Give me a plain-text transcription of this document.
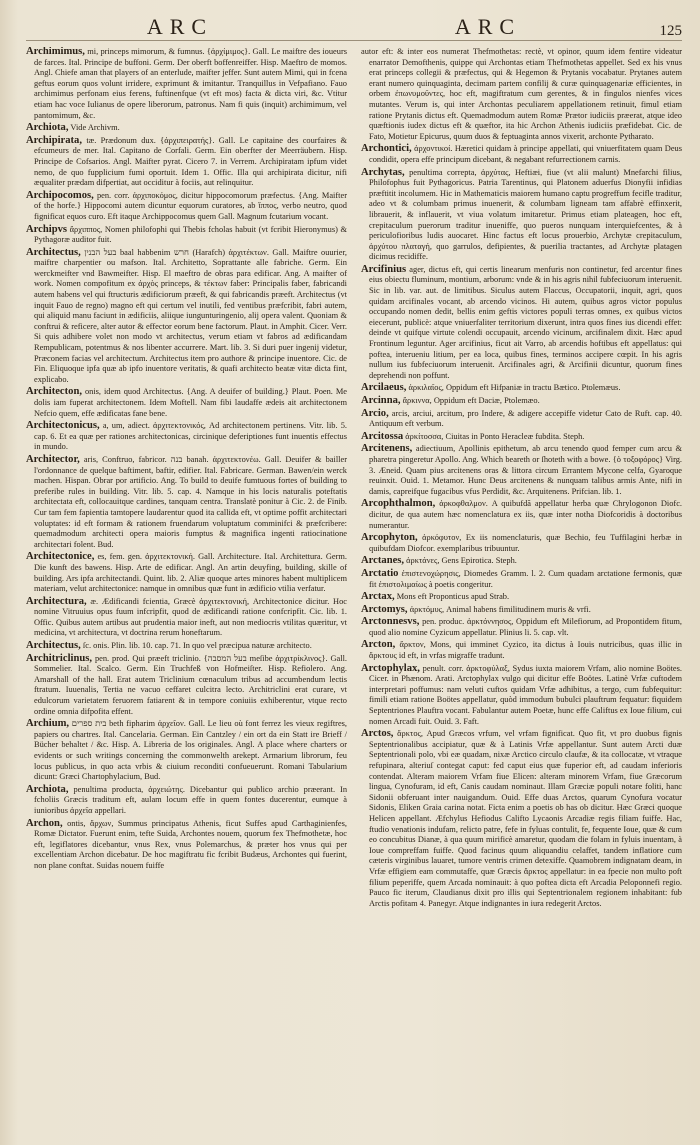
ARC	ARC	125

Archimimus, mi, princeps mimorum, & fumnus. {ἀρχίμιμος}. Gall. Le maiftre des ioueurs de farces. Ital. Principe de buffoni. Germ. Der oberft boffenreiffer. Hisp. Maeftro de momos. Angl. Chiefe aman that players of an enterlude, maifter jeffer. Sunt autem Mimi, qui in fcena geftus eorum quos volunt irridere, exprimunt & imitantur. Tranquillus in Vefpafiano. Fauo archimimus perfonam eius ferens, fuftinenfque (vt eft mos) facta & dicta viri, &c. Vtitur etiam hac voce Iulianus de opere liberorum, patronus. Nam fi quis (inquit) archimimum, vel pantomimum, &c.

Archiota, Vide Archivm.

Archipirata, tæ. Prædonum dux. {ἀρχιπειρατής}. Gall. Le capitaine des courfaires & efcumeurs de mer. Ital. Capitano de Corfali. Germ. Ein oberfter der Meerräubern. Hisp. Principe de Cofsarios. Angl. Maifter pyrat. Cicero 7. in Verrem. Archipiratam ipfum videt nemo, de quo fupplicium fumi oportuit. Idem 1. Offic. Illa qui archipirata dicitur, nifi æqualiter prædam difpertiat, aut occiditur à fociis, aut relinquitur.

Archipocomos, pen. corr. ἀρχιποκόμος, dicitur hippocomorum præfectus. {Ang. Maifter of the horfe.} Hippocomi autem dicuntur equorum curatores, ab ἵππος, verbo neutro, quod fignificat equos curo. Eft itaque Archippocomus quem Gall. Magnum fcutarium vocant.

Archipvs ἄρχιππος, Nomen philofophi qui Thebis fcholas habuit (vt fcribit Hieronymus) & Pythagoræ auditor fuit.

Architectus, בעל הבנין baal habbenim חרש (Harafch) ἀρχιτέκτων. Gall. Maiftre ouurier, maiftre charpentier ou mafson. Ital. Architetto, Soprattante alle fabriche. Germ. Ein werckmeifter vnd Bawmeifter. Hisp. El maeftro de obras para edificar. Ang. A maifter of work. Nomen compofitum ex ἀρχὸς princeps, & τέκτων faber: Principalis faber, fabricandi autem habens vel qui ftructuris ædificiorum præeft, & qui fabricandis præeft. Architectus (vt inquit Fauo de regno) magno eft qui certum vel inutili, fed ventibus præfcribit, fabri autem, qui aliquid manu faciunt in ædificiis, aliique iungunturingenio, alij opera valent. Quoniam & conftrui & reficere, alter autor & effector eorum bene factorum. Plaut. in Amphit. Cicer. Verr. Si quis adhibere volet non modo vt architectus, verum etiam vt fabros ad ædificandam Rempublicam, potentmus & nos libenter accurrere. Mart. lib. 3. Si duri puer ingenij videtur, Præconem facias vel architectum. Architectus item pro authore & principe inuentore. Cic. de Fin. Eliquoque ipfa quæ ab ipfo inuentore veritatis, & quafi architecto beatæ vitæ dicta fint, explicabo.

Architecton, onis, idem quod Architectus. {Ang. A deuifer of building.} Plaut. Poen. Me dolis iam fuperat architectonem. Idem Moftell. Nam fibi laudaffe ædeis ait architectonem Nefcio quem, effe ædificatas fane bene.

Architectonicus, a, um, adiect. ἀρχιτεκτονικός, Ad architectonem pertinens. Vitr. lib. 5. cap. 6. Et ea quæ per rationes architectonicas, circinique deferiptiones funt inuentis effectus in mundo.

Architector, aris, Conftruo, fabricor. בנה banah. ἀρχιτεκτονέω. Gall. Deuifer & bailler l'ordonnance de quelque baftiment, baftir, edifier. Ital. Fabricare. German. Bawen/ein werck machen. Hispan. Obrar por artificio. Ang. To build to deuife fumtuous fortes of building to preferibe rules in building. Vitr. lib. 5. cap. 4. Namque in his locis naturalis poteftatis architectata eft, collocauitque cardines, tanquam centra. Translatè ponitur à Cic. 2. de Finib. Cur tam fem fapientia tamtopere laudarentur quod ita callida eft, vt optime poffit architectari voluptates: id eft formam & rationem fruendarum voluptatum comminifci & præfcribere: quemadmodum architecti opera maioris fumptus & magnifica ingenti ratiocinatione architectari folent. Bud.

Architectonice, es, fem. gen. ἀρχιτεκτονική. Gall. Architecture. Ital. Architettura. Germ. Die kunft des bawens. Hisp. Arte de edificar. Angl. An artin deuyfing, building, skille of building. Ars ipfa architectandi. Quint. lib. 2. Aliæ quoque artes minores habent multiplicem materiam, velut architectonice: namque in omnibus quæ funt in ædificio vtilia verfatur.

Architectura, æ. Ædificandi fcientia, Græcè ἀρχιτεκτονική, Architectonice dicitur. Hoc nomine Vitruuius opus fuum infcripfit, quod de ædificandi ratione confcripfit. Cic. lib. 1. Offic. Quibus autem artibus aut prudentia maior ineft, aut non mediocris vtilitas quæritur, vt medicina, vt architectura, vt doctrina rerum honeftarum.

Architectus, ſc. onis. Plin. lib. 10. cap. 71. In quo vel præcipua naturæ architecto.

Architriclinus, pen. prod. Qui præeft triclinio. {בעל המסבה meſibe ἀρχιτρίκλινος}. Gall. Sommelier. Ital. Scalco. Germ. Ein Truchfeß von Hofmeiſter. Hisp. Refiolero. Ang. Amarshall of the hall. Erat autem Triclinium cœnaculum tribus ad accumbendum lectis ftratum. Iuuenalis, Tertia ne vacuo ceffaret culcitra lecto. Architriclini erat curare, vt edulcorum varietatem feruorem fatiarent & in tempore coniuiis exhiberentur, vtque recto ordine omnia difpofita effent.

Archium, בית ספרים beth fipharim ἀρχεῖον. Gall. Le lieu où font ferrez les vieux regiftres, papiers ou chartres. Ital. Cancelaria. German. Ein Cantzley / ein ort da ein Statt ire Brieff / Bücher behaltet / &c. Hisp. A. Libreria de los originales. Angl. A place where charters or evidents or such writings concerning the commonwelth arekept. Armarium librorum, feu locus publicus, in quo acta vrbis & ciuium reconditi confueuerunt. Romani Tabularium dicunt: Græci Chartophylacium, Bud.

Archiota, penultima producta, ἀρχειώτης. Dicebantur qui publico archio præerant. In fcholiis Græcis traditum eft, aulam locum effe in quem fontes ducerentur, eumque à iunioribus ἀρχεῖα appellari.

Archon, ontis, ἄρχων, Summus principatus Athenis, ficut Suffes apud Carthaginienfes, Romæ Dictator. Fuerunt enim, tefte Suida, Archontes nouem, quorum fex Thefmothetæ, hoc eft, legiflatores dicebantur, vnus Rex, vnus Polemarchus, & præter hos vnus qui per excellentiam Archon dicebatur. De hoc magiftratu fic fcribit Budæus, Archontes qui fuerint, non plane conftat. Suidas nouem fuiffe

autor eft: & inter eos numerat Thefmothetas: rectè, vt opinor, quum idem fentire videatur enarrator Demofthenis, quippe qui Archontas etiam Thefmothetas appellet. Sed ex his vnus erat princeps collegii & præfectus, qui & Hegemon & Prytanis vocabatur. Prytanes autem erant numero quinquaginta, decimam partem confilij & curæ quinquagenariæ efficientes, in orbem ἐπωνυμοῦντες, hoc eft, magiftratum cum gerentes, & in fingulos nienfes vices mutantes. Verum is, qui inter Archontas peculiarem appellationem retinuit, fimul etiam ratione Prytanis dictus eft. Quemadmodum autem Romæ Prætor iudiciis præerat, atque ideo quæftionis iudex dictus eft & quæftor, ita hic Archon Athenis iudiciis præfidebat. Cic. de Fato, Motietur Epicurus, quum duos & feptuaginta annos vixerit, archonte Pytharato.

Archontici, ἀρχοντικοί. Hæretici quidam à principe appellati, qui vniuerfitatem quam Deus condidit, opera effe principum dicebant, & negabant refurrectionem carnis.

Archytas, penultima correpta, ἀρχύτας, Heftiæi, fiue (vt alii malunt) Mnefarchi filius, Philofophus fuit Pythagoricus. Patria Tarentinus, qui Platonem aduerfus Dionyfii infidias præftitit incolumem. Hic in Mathematicis maiorem humano captu progreffum fecifle traditur, adeo vt & columbam primus inuenerit, & columbam ligneam tam affabrè effinxerit, librauerit, & inflauerit, vt viua volatum imitaretur. Primus etiam plateagen, hoc eft, crepitaculum puerorum traditur inueniffe, quo pueros nunquam interquiefcentes, & à periculofioribus ludis auocaret. Hinc factus eft locus prouerbio, Archytæ crepitaculum, ἀρχύτου πλαταγή, quo garrulos, defipientes, & pueriliа tractantes, ad Archytæ platagen dicimus recidiffe.

Arcifinius ager, dictus eft, qui certis linearum menfuris non continetur, fed arcentur fines eius obiectu fluminum, montium, arborum: vnde & in his agris nihil fubfeciuorum interuenit. Sic in lib. var. aut. de limitibus. Siculus autem Flaccus, Occupatorii, inquit, agri, quos quidam arcifinales vocant, ab arcendo vicinos. Hi autem, quibus agros victor populus occupando nomen dedit, bellis enim geftis victores populi terras omnes, ex quibus victos eiecerunt, publicè: atque vniuerfaliter territorium dixerunt, intra quos fines ius dicendi effet: deinde vt quifque virtute colendi occupauit, arcendo vicinum, arcifinalem dixit. Hæc apud Frontinum leguntur. Ager arcifinius, ficut ait Varro, ab arcendis hoftibus eft appellatus: qui poftea, interueniu litium, per ea loca, quibus fines, terminos accipere cœpit. In his agris nullum ius fubfeciuorum interuenit. Arcifinales agri, & Arcifinii dicuntur, quorum fines deprehendi non poffunt.

Arcilaeus, ἀρκιλαῖος, Oppidum eft Hifpaniæ in tractu Bætico. Ptolemæus.

Arcinna, ἄρκιννα, Oppidum eft Daciæ, Ptolemæo.

Arcio, arcis, arciui, arcitum, pro Indere, & adigere accepiffe videtur Cato de Ruft. cap. 40. Antiquum eft verbum.

Arcitossa ἀρκίτοσσα, Ciuitas in Ponto Heracleæ fubdita. Steph.

Arcitenens, adiectiuum, Apollinis epithetum, ab arcu tenendo quod femper cum arcu & pharetra pingeretur Apollo. Ang. Which beareth or ſhoteth with a bowe. {ὁ τοξοφόρος} Virg. 3. Æneid. Quam pius arcitenens oras & littora circum Errantem Mycone celfa, Gyaroque reuinxit. Ouid. 1. Metamor. Hunc Deus arcitenens & nunquam talibus armis Ante, nifi in damis, capreifque fugacibus vfus Perdidit, &c. Arquitenens. Prifcian. lib. 1.

Arcophthalmon, ἀρκοφθαλμον. A quibufdã appellatur herba quæ Chrylogonon Diofc. dicitur, de qua autem hæc nomenclatura ex iis, quæ inter notha Diofcoridis à doctoribus numerantur.

Arcophyton, ἀρκόφυτον, Ex iis nomenclaturis, quæ Bechio, feu Tuffilagini herbæ in quibufdam Diofcor. exemplaribus tribuuntur.

Arctanes, ἀρκτάνες, Gens Epirotica. Steph.

Arctatio ἐπιστενοχώρησις, Diomedes Gramm. l. 2. Cum quadam arctatione fermonis, quæ fit ἐπιστολιμαίως à poetis congeritur.

Arctax, Mons eft Proponticus apud Strab.

Arctomys, ἀρκτόμυς, Animal habens fimilitudinem muris & vrfi.

Arctonnesvs, pen. produc. ἀρκτόννησος, Oppidum eft Milefiorum, ad Propontidem fitum, quod alio nomine Cyzicum appellatur. Plinius li. 5. cap. vlt.

Arcton, ἄρκτον, Mons, qui imminet Cyzico, ita dictus à Iouis nutricibus, quas illic in ἄρκτους id eft, in vrfas migraffe tradunt.

Arctophylax, penult. corr. ἀρκτοφύλαξ, Sydus iuxta maiorem Vrfam, alio nomine Boötes. Cicer. in Phænom. Arati. Arctophylax vulgo qui dicitur effe Boötes. Latinè Vrfæ cuftodem interpretari poffumus: nam veluti cuftos quidam Vrfæ adhibitus, a tergo, cum fubfequitur: fimili etiam ratione Boötes appellatur, quòd immodum bubulci plauftrum fequatur: fiquidem Septentriones Plauftra vocant. Fabulantur autem Poetæ, hunc effe Califtus ex Ioue filium, cui nomen Arcadi fuit. Ouid. 3. Faft.

Arctos, ἄρκτος, Apud Græcos vrfum, vel vrfam fignificat. Quo fit, vt pro duobus fignis Septentrionalibus accipiatur, quæ & à Latinis Vrfæ appellantur. Sunt autem Arcti duæ Septentrionali polo, vbi eæ quadam, nixæ Arctico circulo claufæ, & ita collocatæ, vt vtraque refupinara, alteriuſ contegat caput: fed caput eius quæ fuperior eft, ad caudam inferioris contendat. Alteram maiorem Vrfam fiue Elicen: alteram minorem Vrfam, fiue Græcorum lingua, Cynofuram, id eft, Canis caudam nominaut. Illam Græciæ populi notare foliti, hanc Sidonii obferuant inter nauigandum. Ouid. Effe duas Arctos, quarum Cynofura vocatur Sidonis, Eliken Graia carina notat. Ficta enim a poetis ob has ob dicitur. Hæc Græci quoque Helicen appellant. Æfchylus Hefiodus Califto Lycaonis Arcadiæ regis filiam fuiffe. Hac, ftudio venationis indufam, relicto patre, fefe in fyluas contulit, fe, fequente Ioue, quæ & cum eo concubitus Dianæ, à qua quum mirificè amaretur, quodam die folam in fyluis inuentam, à Ioue compreffam fuiffe. Quod facinus quum aliquandiu celaffet, tandem inflatiore cum cæteris virginibus lauaret, tumore ventris crimen detexiffe. Quamobrem indignatam deam, in Vrfæ effigiem eam commutaffe, quæ Græcis ἄρκτος appellatur: in ea fpecie non multo poft filium peperiffe, quem Arcada nominauit: à quo poftea dicta eft Arcadia Peloponnefi regio. Pauco fic iterum, Claudianus dixit pro illis qui Septentrionalem regionem inhabitant: fub Arctis pofitam 4. Panegyr. Atque indignantes in iura redegerit Arctos.
